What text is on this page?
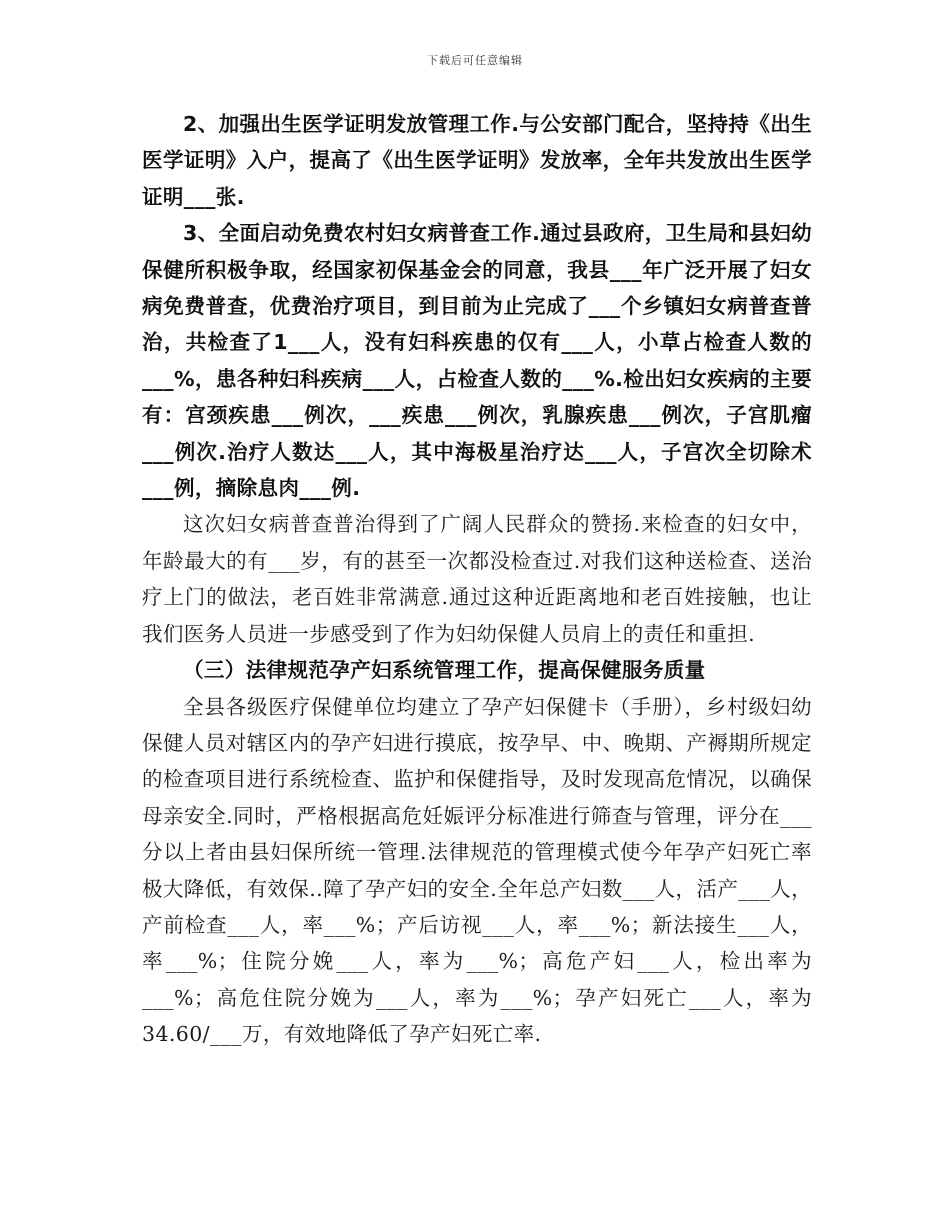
下载后可任意编辑

2、加强出生医学证明发放管理工作.与公安部门配合，坚持持《出生医学证明》入户，提高了《出生医学证明》发放率，全年共发放出生医学证明___张.

3、全面启动免费农村妇女病普查工作.通过县政府，卫生局和县妇幼保健所积极争取，经国家初保基金会的同意，我县___年广泛开展了妇女病免费普查，优费治疗项目，到目前为止完成了___个乡镇妇女病普查普治，共检查了1___人，没有妇科疾患的仅有___人，小草占检查人数的___%，患各种妇科疾病___人，占检查人数的___%.检出妇女疾病的主要有：宫颈疾患___例次，___疾患___例次，乳腺疾患___例次，子宫肌瘤___例次.治疗人数达___人，其中海极星治疗达___人，子宫次全切除术___例，摘除息肉___例.

这次妇女病普查普治得到了广阔人民群众的赞扬.来检查的妇女中，年龄最大的有___岁，有的甚至一次都没检查过.对我们这种送检查、送治疗上门的做法，老百姓非常满意.通过这种近距离地和老百姓接触，也让我们医务人员进一步感受到了作为妇幼保健人员肩上的责任和重担.

（三）法律规范孕产妇系统管理工作，提高保健服务质量

全县各级医疗保健单位均建立了孕产妇保健卡（手册），乡村级妇幼保健人员对辖区内的孕产妇进行摸底，按孕早、中、晚期、产褥期所规定的检查项目进行系统检查、监护和保健指导，及时发现高危情况，以确保母亲安全.同时，严格根据高危妊娠评分标准进行筛查与管理，评分在___分以上者由县妇保所统一管理.法律规范的管理模式使今年孕产妇死亡率极大降低，有效保..障了孕产妇的安全.全年总产妇数___人，活产___人，产前检查___人，率___%；产后访视___人，率___%；新法接生___人，率___%；住院分娩___人，率为___%；高危产妇___人，检出率为___%；高危住院分娩为___人，率为___%；孕产妇死亡___人，率为34.60/___万，有效地降低了孕产妇死亡率.
